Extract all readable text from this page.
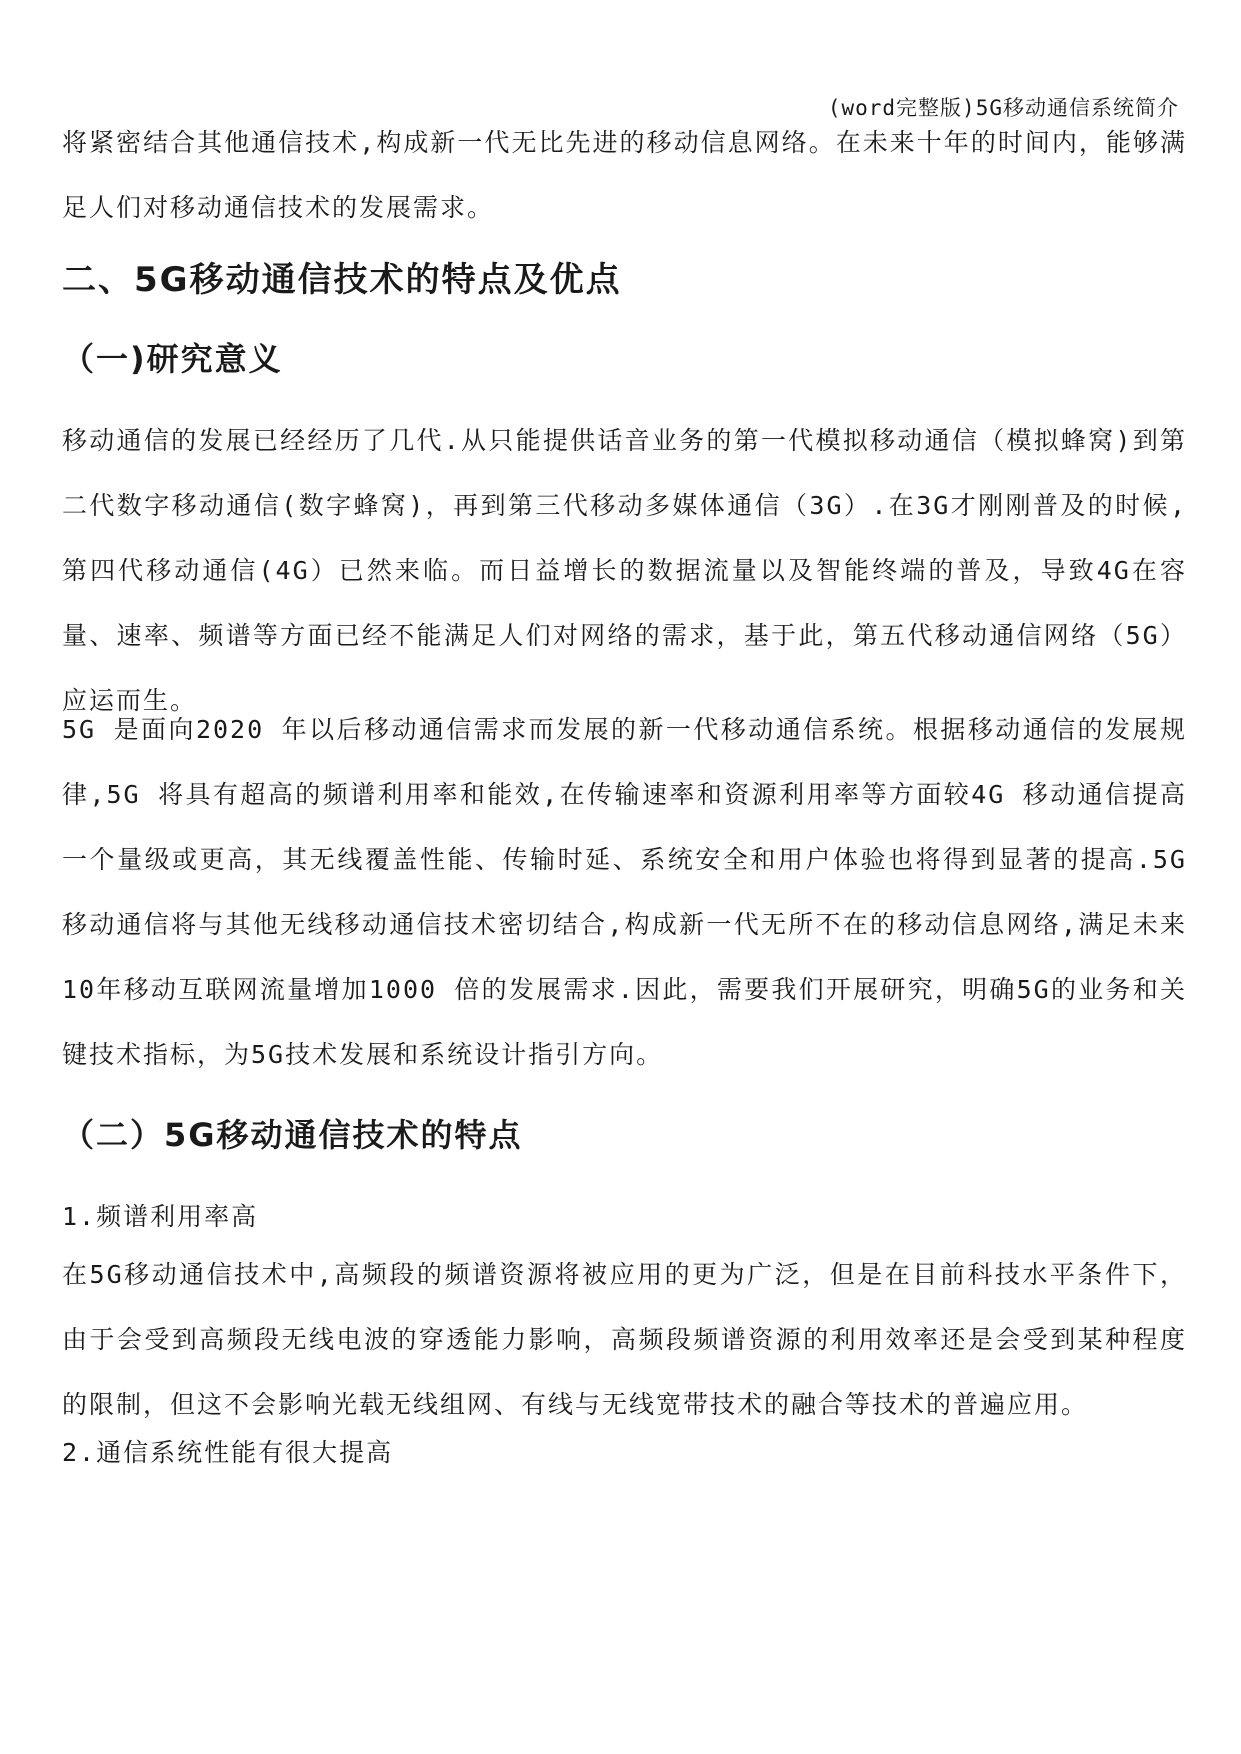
(word完整版)5G移动通信系统简介

将紧密结合其他通信技术,构成新一代无比先进的移动信息网络。在未来十年的时间内，能够满足人们对移动通信技术的发展需求。

二、5G移动通信技术的特点及优点
（一)研究意义

移动通信的发展已经经历了几代.从只能提供话音业务的第一代模拟移动通信（模拟蜂窝)到第二代数字移动通信(数字蜂窝)，再到第三代移动多媒体通信（3G）.在3G才刚刚普及的时候,第四代移动通信(4G）已然来临。而日益增长的数据流量以及智能终端的普及，导致4G在容量、速率、频谱等方面已经不能满足人们对网络的需求，基于此，第五代移动通信网络（5G）应运而生。

5G 是面向2020 年以后移动通信需求而发展的新一代移动通信系统。根据移动通信的发展规律,5G 将具有超高的频谱利用率和能效,在传输速率和资源利用率等方面较4G 移动通信提高一个量级或更高，其无线覆盖性能、传输时延、系统安全和用户体验也将得到显著的提高.5G 移动通信将与其他无线移动通信技术密切结合,构成新一代无所不在的移动信息网络,满足未来10年移动互联网流量增加1000 倍的发展需求.因此，需要我们开展研究，明确5G的业务和关键技术指标，为5G技术发展和系统设计指引方向。

（二）5G移动通信技术的特点

1.频谱利用率高

在5G移动通信技术中,高频段的频谱资源将被应用的更为广泛，但是在目前科技水平条件下，由于会受到高频段无线电波的穿透能力影响，高频段频谱资源的利用效率还是会受到某种程度的限制，但这不会影响光载无线组网、有线与无线宽带技术的融合等技术的普遍应用。

2.通信系统性能有很大提高
